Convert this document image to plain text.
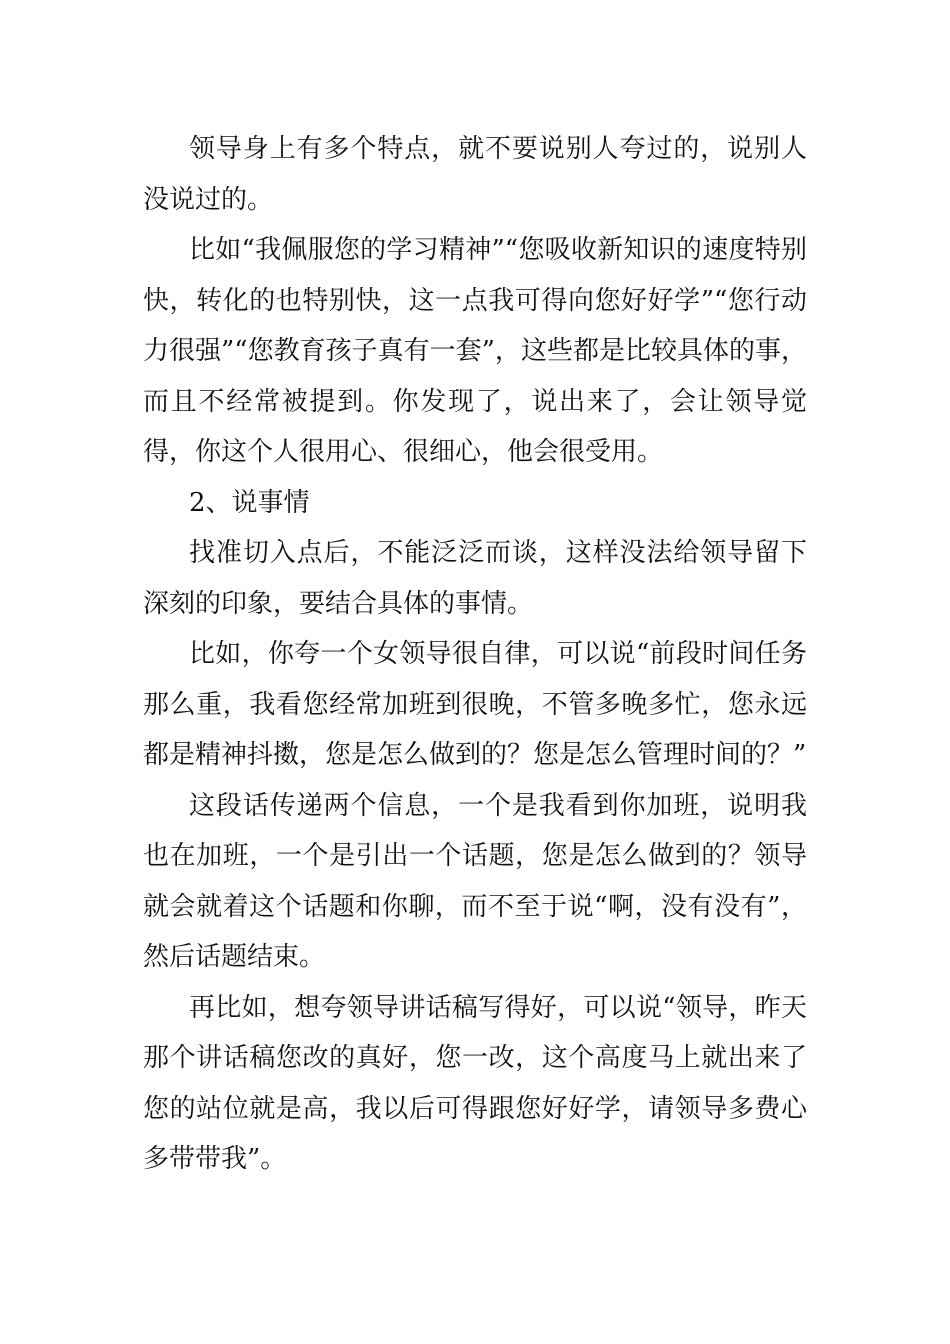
领导身上有多个特点，就不要说别人夸过的，说别人没说过的。

比如“我佩服您的学习精神”“您吸收新知识的速度特别快，转化的也特别快，这一点我可得向您好好学”“您行动力很强”“您教育孩子真有一套”，这些都是比较具体的事，而且不经常被提到。你发现了，说出来了，会让领导觉得，你这个人很用心、很细心，他会很受用。

2、说事情

找准切入点后，不能泛泛而谈，这样没法给领导留下深刻的印象，要结合具体的事情。

比如，你夸一个女领导很自律，可以说“前段时间任务那么重，我看您经常加班到很晚，不管多晚多忙，您永远都是精神抖擞，您是怎么做到的？您是怎么管理时间的？”

这段话传递两个信息，一个是我看到你加班，说明我也在加班，一个是引出一个话题，您是怎么做到的？领导就会就着这个话题和你聊，而不至于说“啊，没有没有”，然后话题结束。

再比如，想夸领导讲话稿写得好，可以说“领导，昨天那个讲话稿您改的真好，您一改，这个高度马上就出来了您的站位就是高，我以后可得跟您好好学，请领导多费心多带带我”。
